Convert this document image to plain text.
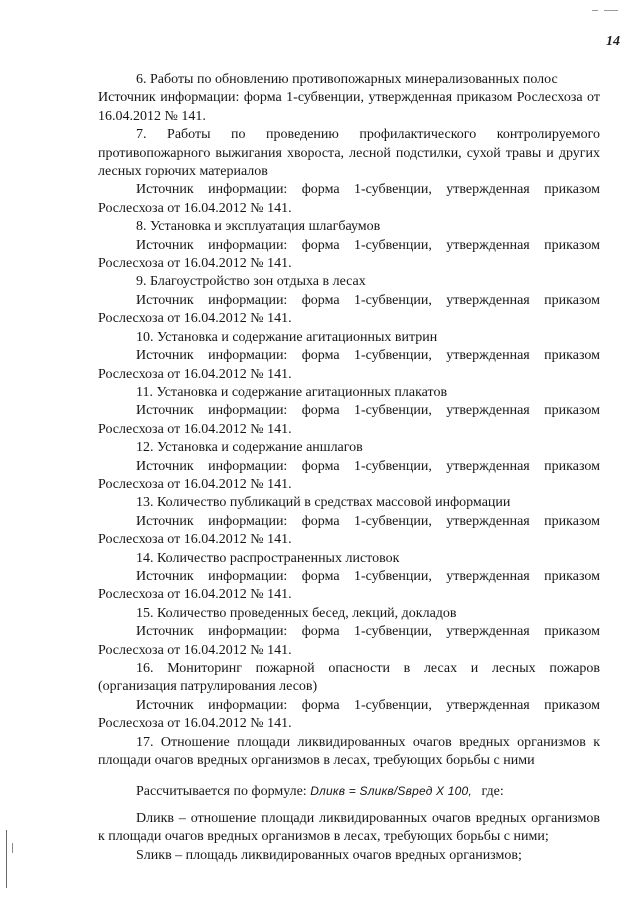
14

6. Работы по обновлению противопожарных минерализованных полос

Источник информации: форма 1-субвенции, утвержденная приказом Рослесхоза от 16.04.2012 № 141.

7. Работы по проведению профилактического контролируемого противопожарного выжигания хвороста, лесной подстилки, сухой травы и других лесных горючих материалов

Источник информации: форма 1-субвенции, утвержденная приказом Рослесхоза от 16.04.2012 № 141.

8. Установка и эксплуатация шлагбаумов

Источник информации: форма 1-субвенции, утвержденная приказом Рослесхоза от 16.04.2012 № 141.

9. Благоустройство зон отдыха в лесах

Источник информации: форма 1-субвенции, утвержденная приказом Рослесхоза от 16.04.2012 № 141.

10. Установка и содержание агитационных витрин

Источник информации: форма 1-субвенции, утвержденная приказом Рослесхоза от 16.04.2012 № 141.

11. Установка и содержание агитационных плакатов

Источник информации: форма 1-субвенции, утвержденная приказом Рослесхоза от 16.04.2012 № 141.

12. Установка и содержание аншлагов

Источник информации: форма 1-субвенции, утвержденная приказом Рослесхоза от 16.04.2012 № 141.

13. Количество публикаций в средствах массовой информации

Источник информации: форма 1-субвенции, утвержденная приказом Рослесхоза от 16.04.2012 № 141.

14. Количество распространенных листовок

Источник информации: форма 1-субвенции, утвержденная приказом Рослесхоза от 16.04.2012 № 141.

15. Количество проведенных бесед, лекций, докладов

Источник информации: форма 1-субвенции, утвержденная приказом Рослесхоза от 16.04.2012 № 141.

16. Мониторинг пожарной опасности в лесах и лесных пожаров (организация патрулирования лесов)

Источник информации: форма 1-субвенции, утвержденная приказом Рослесхоза от 16.04.2012 № 141.

17. Отношение площади ликвидированных очагов вредных организмов к площади очагов вредных организмов в лесах, требующих борьбы с ними

Рассчитывается по формуле: Dликв = Sликв/Sвред X 100, где:

Dликв – отношение площади ликвидированных очагов вредных организмов к площади очагов вредных организмов в лесах, требующих борьбы с ними;

Sликв – площадь ликвидированных очагов вредных организмов;
